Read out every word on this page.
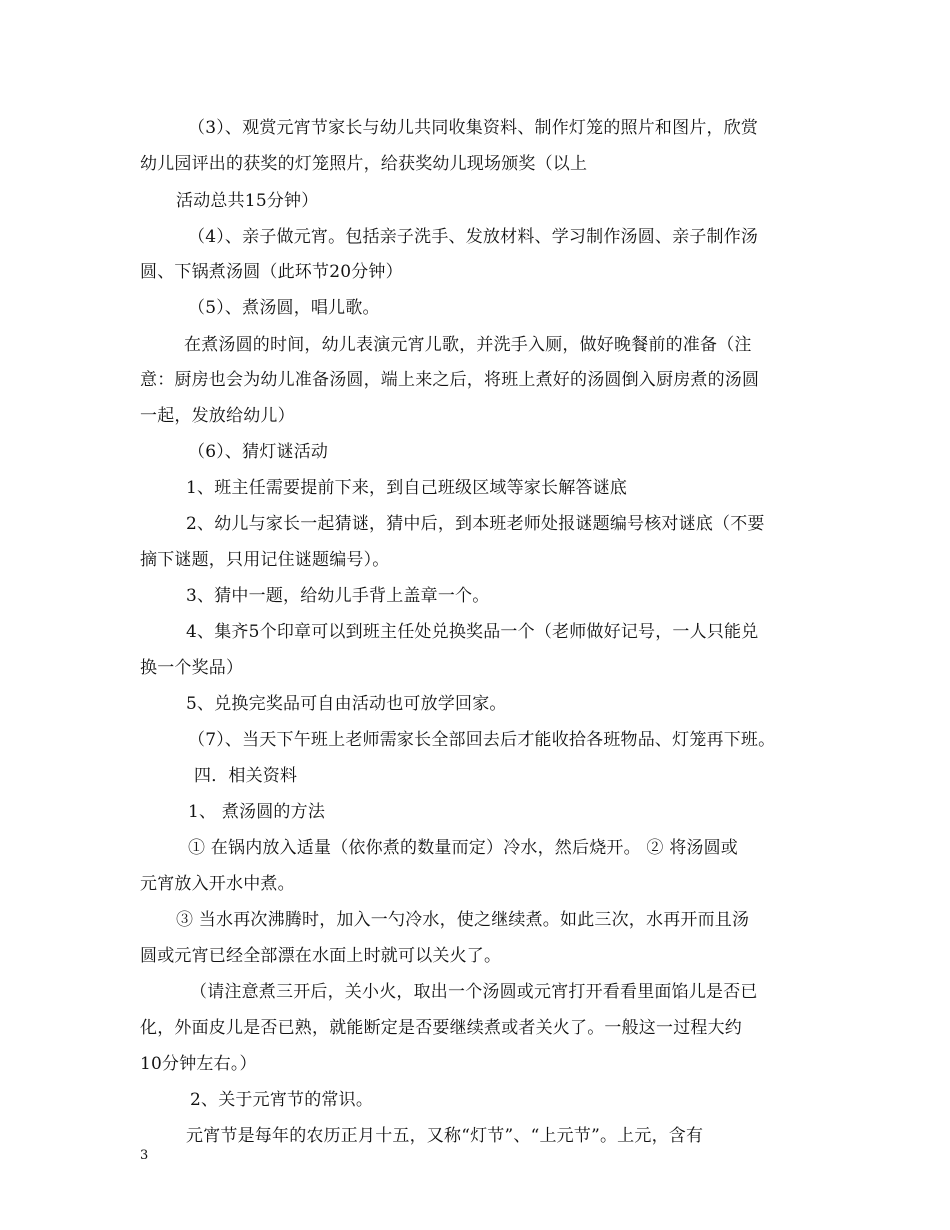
（3）、观赏元宵节家长与幼儿共同收集资料、制作灯笼的照片和图片，欣赏

幼儿园评出的获奖的灯笼照片，给获奖幼儿现场颁奖（以上

活动总共15分钟）

（4）、亲子做元宵。包括亲子洗手、发放材料、学习制作汤圆、亲子制作汤

圆、下锅煮汤圆（此环节20分钟）

（5）、煮汤圆，唱儿歌。

在煮汤圆的时间，幼儿表演元宵儿歌，并洗手入厕，做好晚餐前的准备（注

意：厨房也会为幼儿准备汤圆，端上来之后，将班上煮好的汤圆倒入厨房煮的汤圆

一起，发放给幼儿）

（6）、猜灯谜活动

1、班主任需要提前下来，到自己班级区域等家长解答谜底

2、幼儿与家长一起猜谜，猜中后，到本班老师处报谜题编号核对谜底（不要

摘下谜题，只用记住谜题编号）。

3、猜中一题，给幼儿手背上盖章一个。

4、集齐5个印章可以到班主任处兑换奖品一个（老师做好记号，一人只能兑

换一个奖品）

5、兑换完奖品可自由活动也可放学回家。

（7）、当天下午班上老师需家长全部回去后才能收拾各班物品、灯笼再下班。

四．相关资料

1、 煮汤圆的方法

① 在锅内放入适量（依你煮的数量而定）冷水，然后烧开。 ② 将汤圆或

元宵放入开水中煮。

③ 当水再次沸腾时，加入一勺冷水，使之继续煮。如此三次，水再开而且汤

圆或元宵已经全部漂在水面上时就可以关火了。

（请注意煮三开后，关小火，取出一个汤圆或元宵打开看看里面馅儿是否已

化，外面皮儿是否已熟，就能断定是否要继续煮或者关火了。一般这一过程大约

10分钟左右。）

2、关于元宵节的常识。

元宵节是每年的农历正月十五，又称“灯节”、“上元节”。上元，含有

3
